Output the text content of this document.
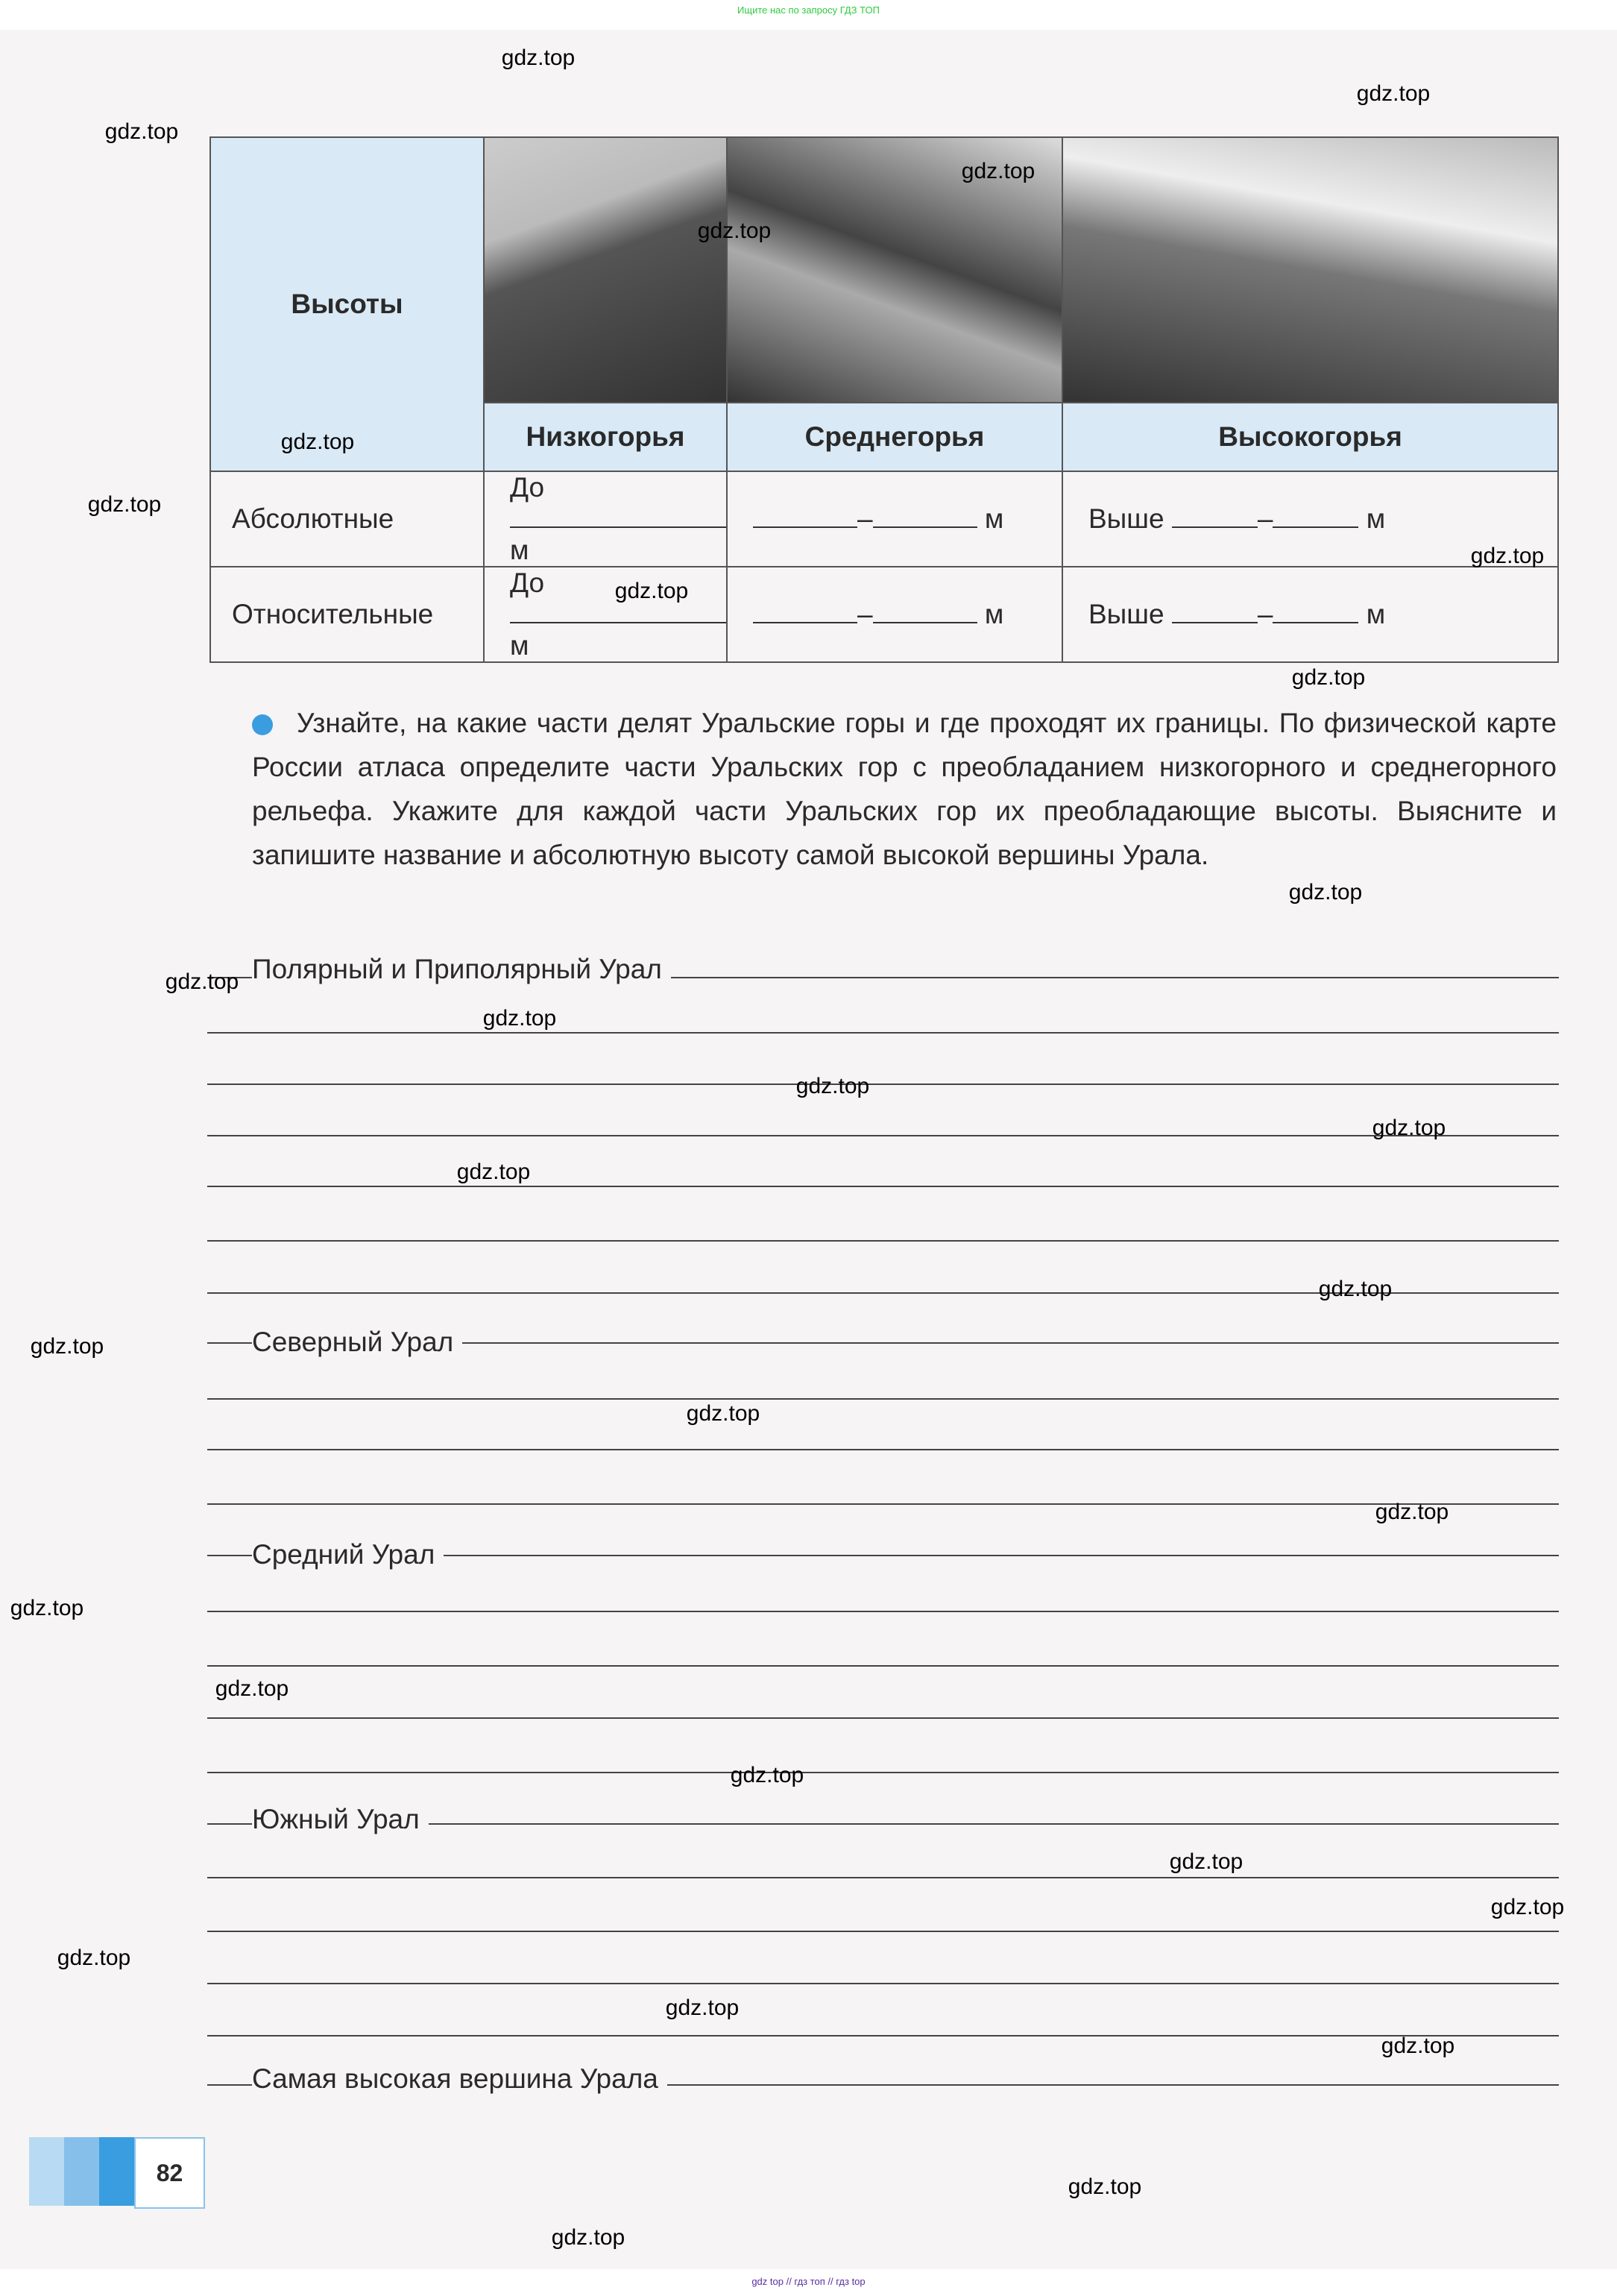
Ищите нас по запросу ГДЗ ТОП
Высоты			
	Низкогорья	Среднегорья	Высокогорья
Абсолютные	До  м	– м	Выше – м
Относительные	До  м	– м	Выше – м
Узнайте, на какие части делят Уральские горы и где проходят их границы. По физической карте России атласа определите части Уральских гор с преобладанием низкогорного и среднегорного рельефа. Укажите для каждой части Уральских гор их преобладающие высоты. Выясните и запишите название и абсолютную высоту самой высокой вершины Урала.
Полярный и Приполярный Урал
Северный Урал
Средний Урал
Южный Урал
Самая высокая вершина Урала
82
gdz.top
gdz.top
gdz.top
gdz.top
gdz.top
gdz.top
gdz.top
gdz.top
gdz.top
gdz.top
gdz.top
gdz.top
gdz.top
gdz.top
gdz.top
gdz.top
gdz.top
gdz.top
gdz.top
gdz.top
gdz.top
gdz.top
gdz.top
gdz.top
gdz.top
gdz.top
gdz.top
gdz.top
gdz.top
gdz.top
gdz top // гдз топ // гдз top
